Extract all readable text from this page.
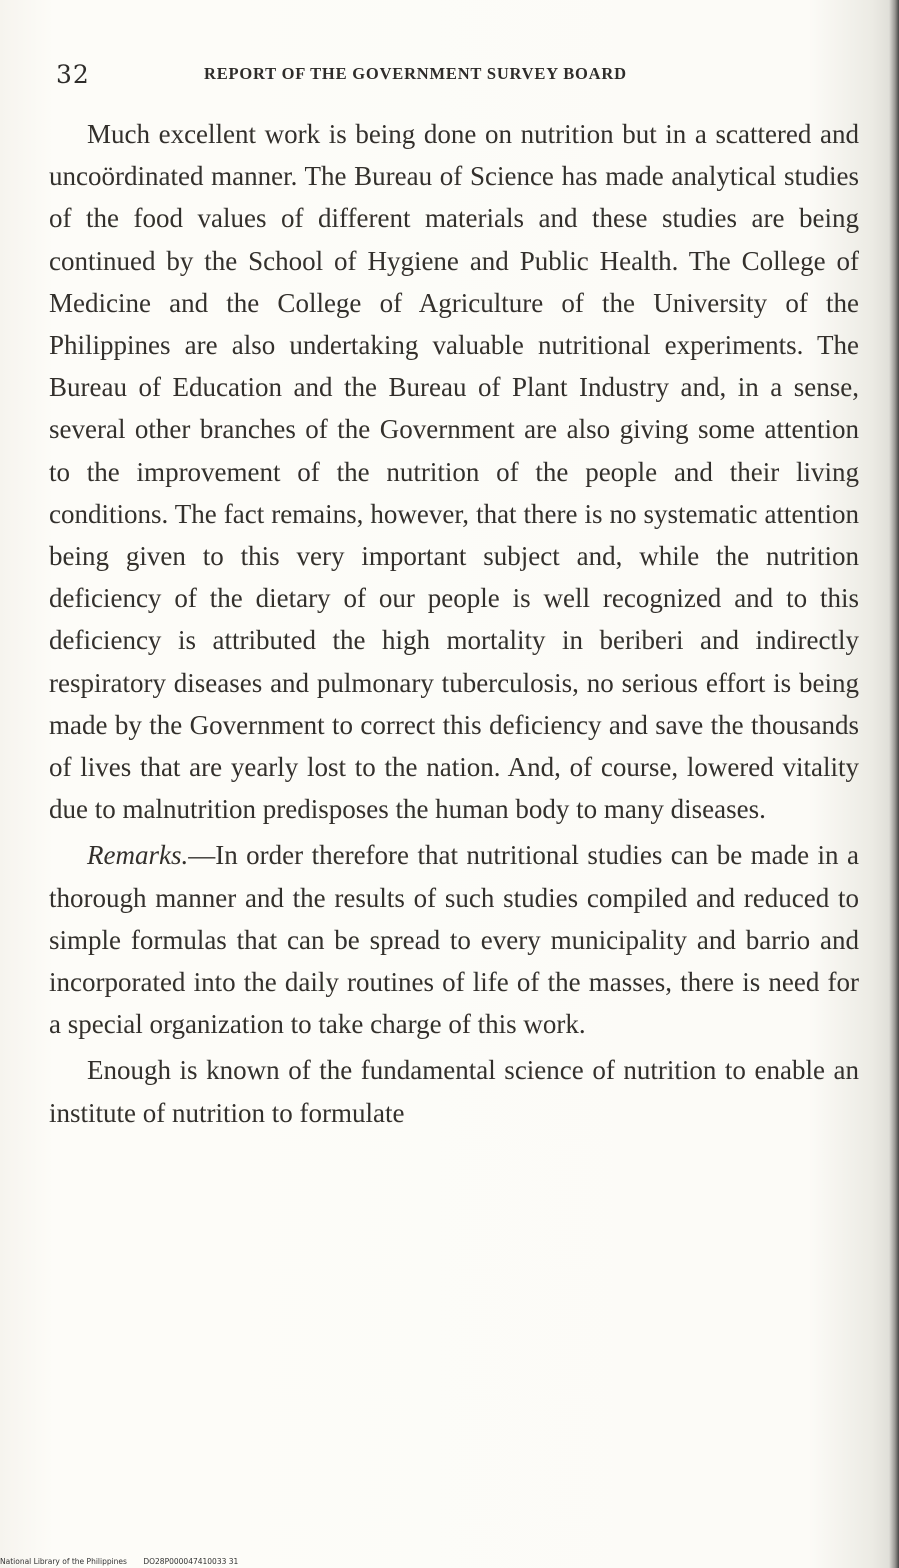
32	REPORT OF THE GOVERNMENT SURVEY BOARD

Much excellent work is being done on nutrition but in a scattered and uncoördinated manner. The Bureau of Science has made analytical studies of the food values of different materials and these studies are being continued by the School of Hygiene and Public Health. The College of Medicine and the College of Agriculture of the University of the Philippines are also undertaking valuable nutritional experiments. The Bureau of Education and the Bureau of Plant Industry and, in a sense, several other branches of the Government are also giving some attention to the improvement of the nutrition of the people and their living conditions. The fact remains, however, that there is no systematic attention being given to this very important subject and, while the nutrition deficiency of the dietary of our people is well recognized and to this deficiency is attributed the high mortality in beriberi and indirectly respiratory diseases and pulmonary tuberculosis, no serious effort is being made by the Government to correct this deficiency and save the thousands of lives that are yearly lost to the nation. And, of course, lowered vitality due to malnutrition predisposes the human body to many diseases.

Remarks.—In order therefore that nutritional studies can be made in a thorough manner and the results of such studies compiled and reduced to simple formulas that can be spread to every municipality and barrio and incorporated into the daily routines of life of the masses, there is need for a special organization to take charge of this work.

Enough is known of the fundamental science of nutrition to enable an institute of nutrition to formulate

National Library of the Philippines DO28P000047410033 31
